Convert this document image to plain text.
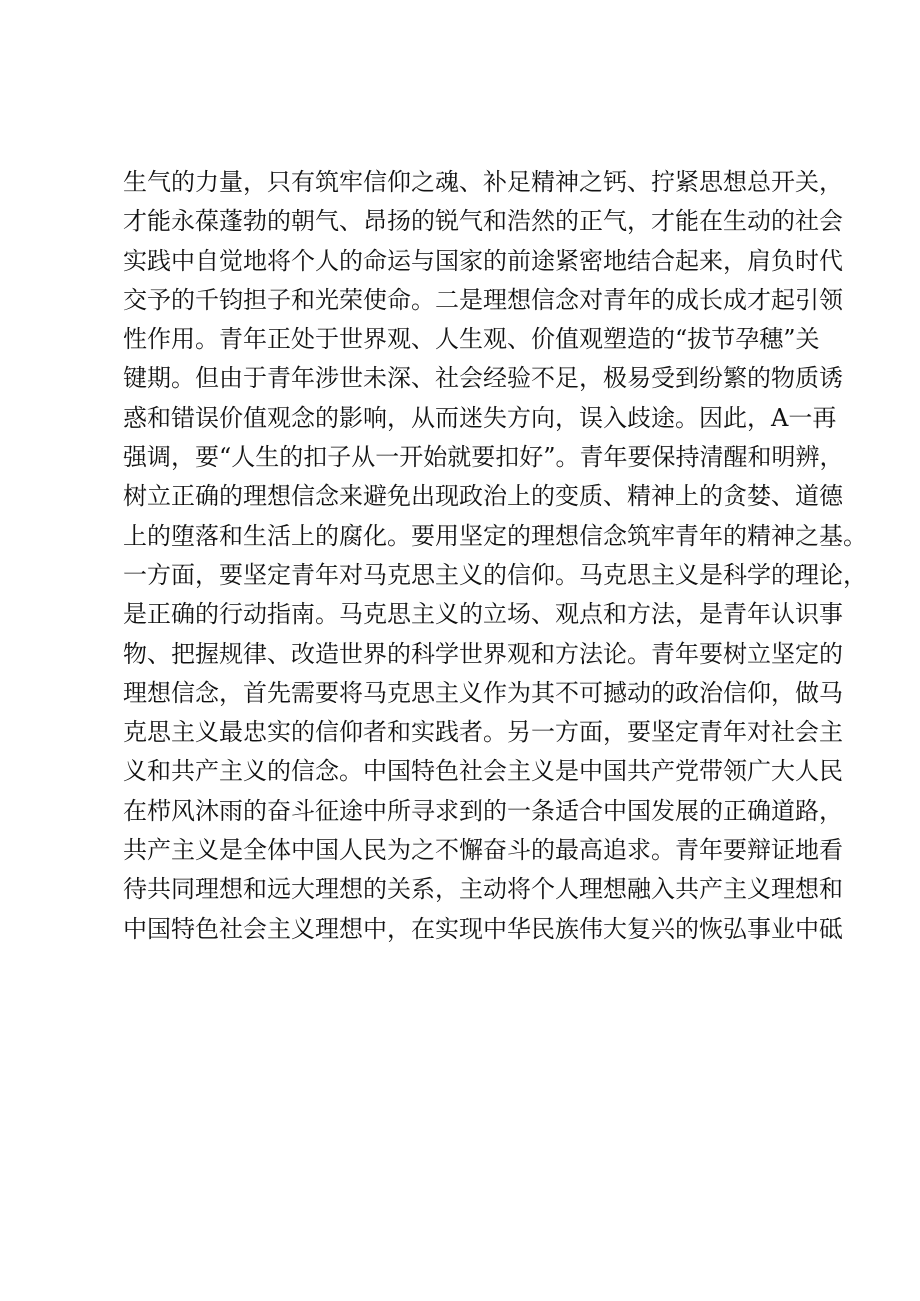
生气的力量，只有筑牢信仰之魂、补足精神之钙、拧紧思想总开关，
才能永葆蓬勃的朝气、昂扬的锐气和浩然的正气，才能在生动的社会
实践中自觉地将个人的命运与国家的前途紧密地结合起来，肩负时代
交予的千钧担子和光荣使命。二是理想信念对青年的成长成才起引领
性作用。青年正处于世界观、人生观、价值观塑造的“拔节孕穗”关
键期。但由于青年涉世未深、社会经验不足，极易受到纷繁的物质诱
惑和错误价值观念的影响，从而迷失方向，误入歧途。因此，A一再
强调，要“人生的扣子从一开始就要扣好”。青年要保持清醒和明辨，
树立正确的理想信念来避免出现政治上的变质、精神上的贪婪、道德
上的堕落和生活上的腐化。要用坚定的理想信念筑牢青年的精神之基。
一方面，要坚定青年对马克思主义的信仰。马克思主义是科学的理论，
是正确的行动指南。马克思主义的立场、观点和方法，是青年认识事
物、把握规律、改造世界的科学世界观和方法论。青年要树立坚定的
理想信念，首先需要将马克思主义作为其不可撼动的政治信仰，做马
克思主义最忠实的信仰者和实践者。另一方面，要坚定青年对社会主
义和共产主义的信念。中国特色社会主义是中国共产党带领广大人民
在栉风沐雨的奋斗征途中所寻求到的一条适合中国发展的正确道路，
共产主义是全体中国人民为之不懈奋斗的最高追求。青年要辩证地看
待共同理想和远大理想的关系，主动将个人理想融入共产主义理想和
中国特色社会主义理想中，在实现中华民族伟大复兴的恢弘事业中砥
